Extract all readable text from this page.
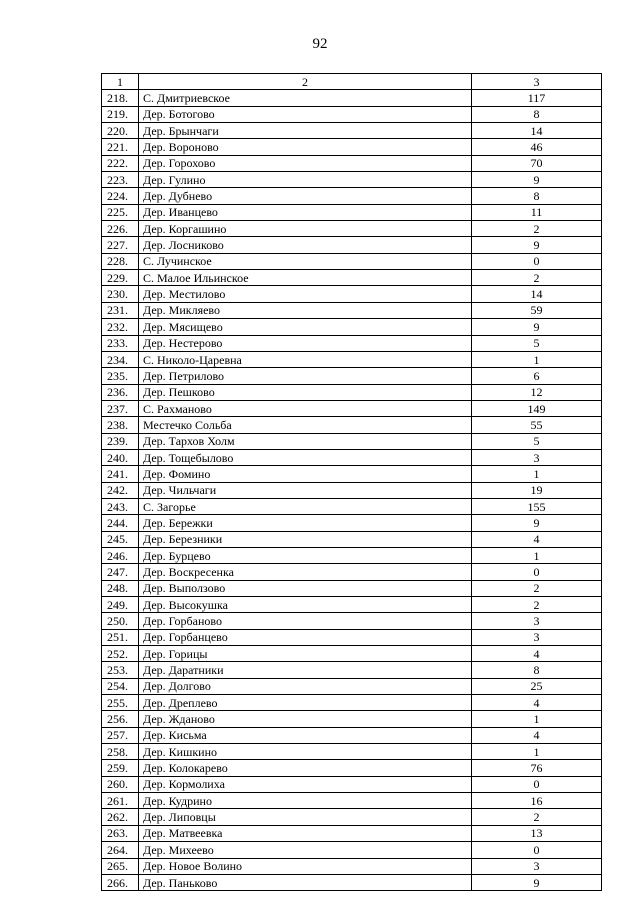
92
1	2	3
218.	С. Дмитриевское	117
219.	Дер. Ботогово	8
220.	Дер. Брынчаги	14
221.	Дер. Вороново	46
222.	Дер. Горохово	70
223.	Дер. Гулино	9
224.	Дер. Дубнево	8
225.	Дер. Иванцево	11
226.	Дер. Коргашино	2
227.	Дер. Лосниково	9
228.	С. Лучинское	0
229.	С. Малое Ильинское	2
230.	Дер. Местилово	14
231.	Дер. Микляево	59
232.	Дер. Мясищево	9
233.	Дер. Нестерово	5
234.	С. Николо-Царевна	1
235.	Дер. Петрилово	6
236.	Дер. Пешково	12
237.	С. Рахманово	149
238.	Местечко Сольба	55
239.	Дер. Тархов Холм	5
240.	Дер. Тощебылово	3
241.	Дер. Фомино	1
242.	Дер. Чильчаги	19
243.	С. Загорье	155
244.	Дер. Бережки	9
245.	Дер. Березники	4
246.	Дер. Бурцево	1
247.	Дер. Воскресенка	0
248.	Дер. Выползово	2
249.	Дер. Высокушка	2
250.	Дер. Горбаново	3
251.	Дер. Горбанцево	3
252.	Дер. Горицы	4
253.	Дер. Даратники	8
254.	Дер. Долгово	25
255.	Дер. Дреплево	4
256.	Дер. Жданово	1
257.	Дер. Кисьма	4
258.	Дер. Кишкино	1
259.	Дер. Колокарево	76
260.	Дер. Кормолиха	0
261.	Дер. Кудрино	16
262.	Дер. Липовцы	2
263.	Дер. Матвеевка	13
264.	Дер. Михеево	0
265.	Дер. Новое Волино	3
266.	Дер. Паньково	9
